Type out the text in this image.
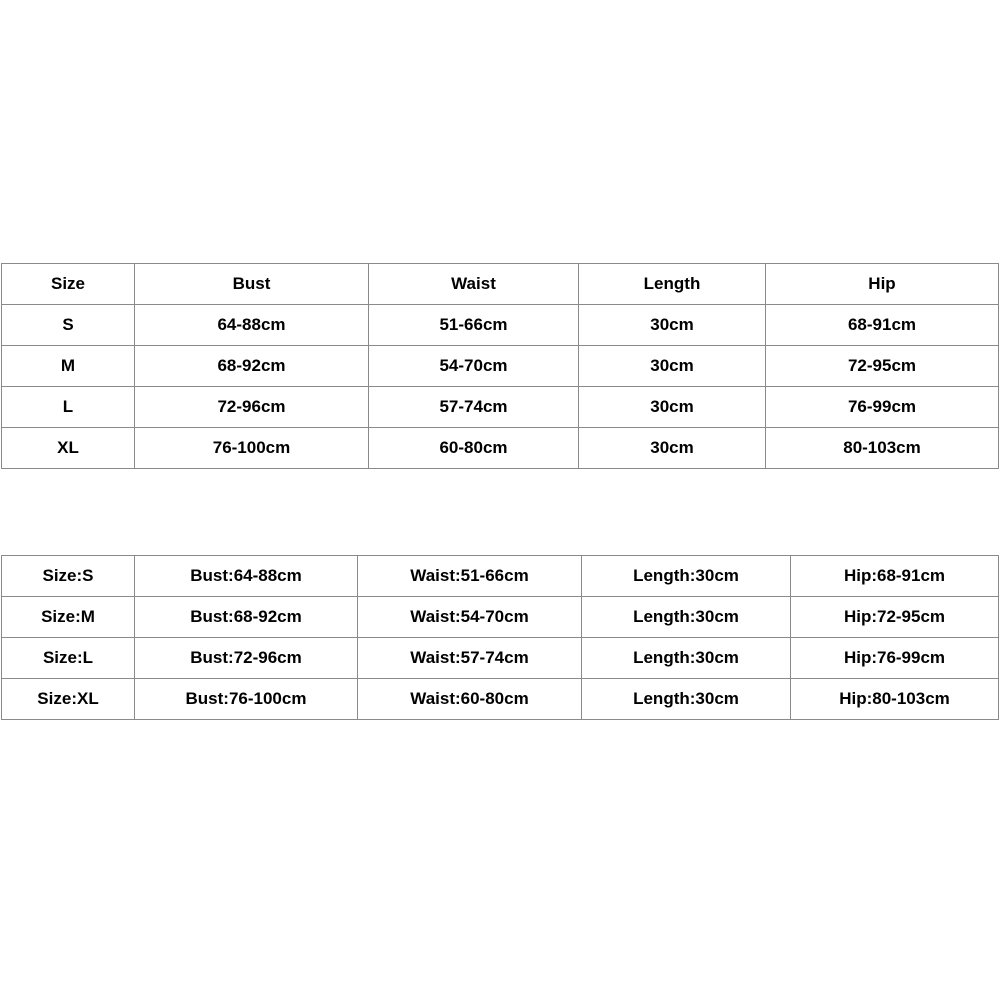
Size	Bust	Waist	Length	Hip
S	64-88cm	51-66cm	30cm	68-91cm
M	68-92cm	54-70cm	30cm	72-95cm
L	72-96cm	57-74cm	30cm	76-99cm
XL	76-100cm	60-80cm	30cm	80-103cm
Size:S	Bust:64-88cm	Waist:51-66cm	Length:30cm	Hip:68-91cm
Size:M	Bust:68-92cm	Waist:54-70cm	Length:30cm	Hip:72-95cm
Size:L	Bust:72-96cm	Waist:57-74cm	Length:30cm	Hip:76-99cm
Size:XL	Bust:76-100cm	Waist:60-80cm	Length:30cm	Hip:80-103cm
